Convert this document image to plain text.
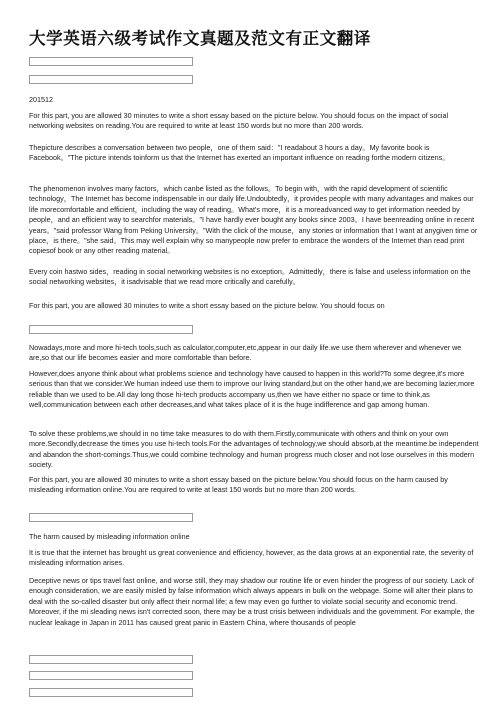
大学英语六级考试作文真题及范文有正文翻译

201512

For this part, you are allowed 30 minutes to write a short essay based on the picture below. You should focus on the impact of social networking websites on reading.You are required to write at least 150 words but no more than 200 words.

Thepicture describes a conversation between two people，one of them said："I readabout 3 hours a day。My favorite book is Facebook。"The picture intends toinform us that the Internet has exerted an important influence on reading forthe modern citizens。

The phenomenon involves many factors，which canbe listed as the follows。To begin with，with the rapid development of scientific technology，The Internet has become indispensable in our daily life.Undoubtedly，it provides people with many advantages and makes our life morecomfortable and efficient，including the way of reading。What's more，it is a moreadvanced way to get information needed by people，and an efficient way to searchfor materials。"I have hardly ever bought any books since 2003。I have beenreading online in recent years。"said professor Wang from Peking University。"With the click of the mouse，any stories or information that I want at anygiven time or place，is there。"she said。This may well explain why so manypeople now prefer to embrace the wonders of the Internet than read print copiesof book or any other reading material。

Every coin hastwo sides，reading in social networking websites is no exception。Admittedly，there is false and useless information on the social networking websites，it isadvisable that we read more critically and carefully。

For this part, you are allowed 30 minutes to write a short essay based on the picture below. You should focus on

Nowadays,more and more hi-tech tools,such as calculator,computer,etc,appear in our daily life.we use them wherever and whenever we are,so that our life becomes easier and more comfortable than before.

However,does anyone think about what problems science and technology have caused to happen in this world?To some degree,it's more serious than that we consider.We human indeed use them to improve our living standard,but on the other hand,we are becoming lazier,more reliable than we used to be.All day long those hi-tech products accompany us,then we have either no space or time to think,as well,communication between each other decreases,and what takes place of it is the huge indifference and gap among human.

To solve these problems,we should in no time take measures to do with them.Firstly,communicate with others and think on your own more.Secondly,decrease the times you use hi-tech tools.For the advantages of technology,we should absorb,at the meantime.be independent and abandon the short-comings.Thus,we could combine technology and human progress much closer and not lose ourselves in this modern society.

For this part, you are allowed 30 minutes to write a short essay based on the picture below.You should focus on the harm caused by misleading information online.You are required to write at least 150 words but no more than 200 words.

The harm caused by misleading information online

It is true that the internet has brought us great convenience and efficiency, however, as the data grows at an exponential rate, the severity of misleading information arises.

Deceptive news or tips travel fast online, and worse still, they may shadow our routine life or even hinder the progress of our society. Lack of enough consideration, we are easily misled by false information which always appears in bulk on the webpage. Some will alter their plans to deal with the so-called disaster but only affect their normal life; a few may even go further to violate social security and economic trend. Moreover, if the mi sleading news isn't corrected soon, there may be a trust crisis between individuals and the government. For example, the nuclear leakage in Japan in 2011 has caused great panic in Eastern China, where thousands of people
